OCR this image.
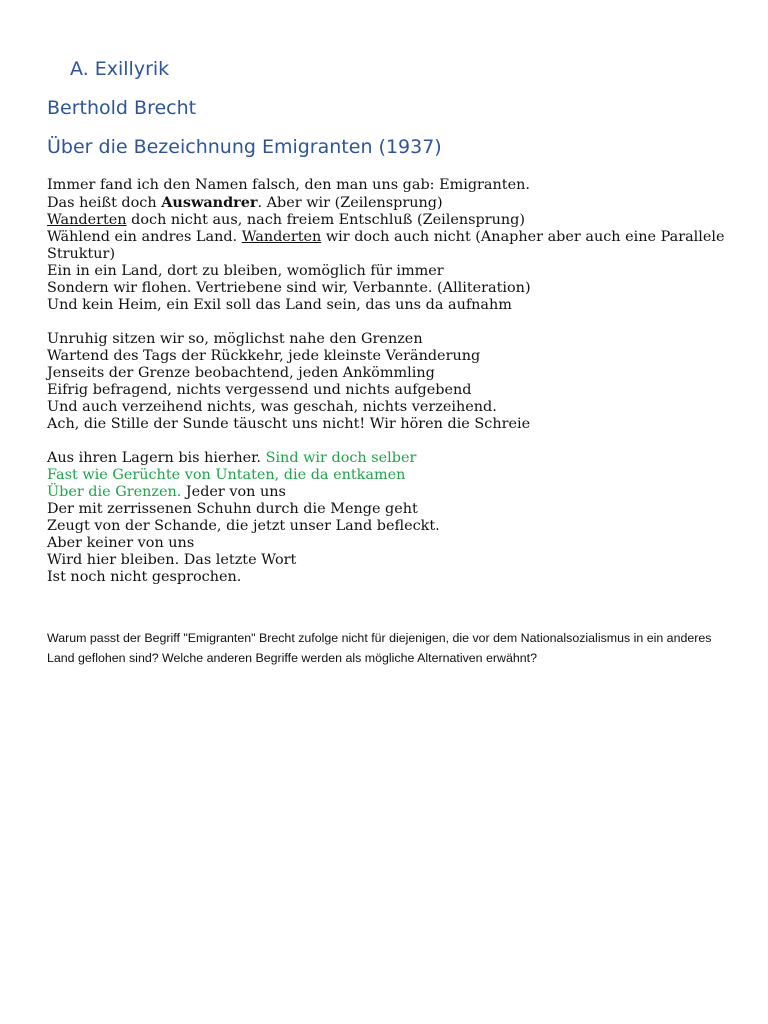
A. Exillyrik
Berthold Brecht
Über die Bezeichnung Emigranten (1937)
Immer fand ich den Namen falsch, den man uns gab: Emigranten.
Das heißt doch Auswandrer. Aber wir (Zeilensprung)
Wanderten doch nicht aus, nach freiem Entschluß (Zeilensprung)
Wählend ein andres Land. Wanderten wir doch auch nicht (Anapher aber auch eine Parallele Struktur)
Ein in ein Land, dort zu bleiben, womöglich für immer
Sondern wir flohen. Vertriebene sind wir, Verbannte. (Alliteration)
Und kein Heim, ein Exil soll das Land sein, das uns da aufnahm
Unruhig sitzen wir so, möglichst nahe den Grenzen
Wartend des Tags der Rückkehr, jede kleinste Veränderung
Jenseits der Grenze beobachtend, jeden Ankömmling
Eifrig befragend, nichts vergessend und nichts aufgebend
Und auch verzeihend nichts, was geschah, nichts verzeihend.
Ach, die Stille der Sunde täuscht uns nicht! Wir hören die Schreie
Aus ihren Lagern bis hierher. Sind wir doch selber
Fast wie Gerüchte von Untaten, die da entkamen
Über die Grenzen. Jeder von uns
Der mit zerrissenen Schuhn durch die Menge geht
Zeugt von der Schande, die jetzt unser Land befleckt.
Aber keiner von uns
Wird hier bleiben. Das letzte Wort
Ist noch nicht gesprochen.
Warum passt der Begriff "Emigranten" Brecht zufolge nicht für diejenigen, die vor dem Nationalsozialismus in ein anderes Land geflohen sind? Welche anderen Begriffe werden als mögliche Alternativen erwähnt?
